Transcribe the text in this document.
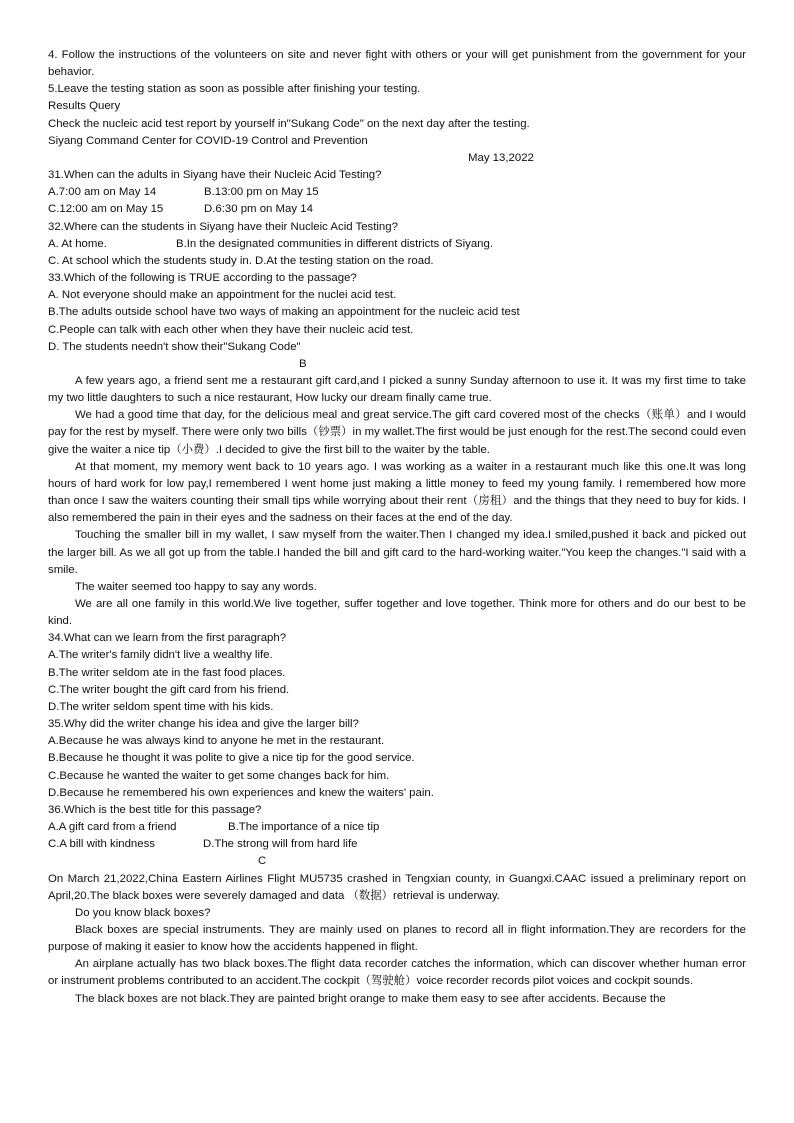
4. Follow the instructions of the volunteers on site and never fight with others or your will get punishment from the government for your behavior.

5.Leave the testing station as soon as possible after finishing your testing.

Results Query

Check the nucleic acid test report by yourself in"Sukang Code" on the next day after the testing.

Siyang Command Center for COVID-19 Control and Prevention

May 13,2022

31.When can the adults in Siyang have their Nucleic Acid Testing?

A.7:00 am on May 14	B.13:00 pm on May 15

C.12:00 am on May 15	D.6:30 pm on May 14

32.Where can the students in Siyang have their Nucleic Acid Testing?

A. At home.	B.In the designated communities in different districts of Siyang.

C. At school which the students study in. D.At the testing station on the road.

33.Which of the following is TRUE according to the passage?

A. Not everyone should make an appointment for the nuclei acid test.

B.The adults outside school have two ways of making an appointment for the nucleic acid test

C.People can talk with each other when they have their nucleic acid test.

D. The students needn't show their"Sukang Code"

B

A few years ago, a friend sent me a restaurant gift card,and I picked a sunny Sunday afternoon to use it. It was my first time to take my two little daughters to such a nice restaurant, How lucky our dream finally came true.

We had a good time that day, for the delicious meal and great service.The gift card covered most of the checks（账单）and I would pay for the rest by myself. There were only two bills（钞票）in my wallet.The first would be just enough for the rest.The second could even give the waiter a nice tip（小费）.I decided to give the first bill to the waiter by the table.

At that moment, my memory went back to 10 years ago. I was working as a waiter in a restaurant much like this one.It was long hours of hard work for low pay,I remembered I went home just making a little money to feed my young family. I remembered how more than once I saw the waiters counting their small tips while worrying about their rent（房租）and the things that they need to buy for kids. I also remembered the pain in their eyes and the sadness on their faces at the end of the day.

Touching the smaller bill in my wallet, I saw myself from the waiter.Then I changed my idea.I smiled,pushed it back and picked out the larger bill. As we all got up from the table.I handed the bill and gift card to the hard-working waiter."You keep the changes."I said with a smile.

The waiter seemed too happy to say any words.

We are all one family in this world.We live together, suffer together and love together. Think more for others and do our best to be kind.

34.What can we learn from the first paragraph?

A.The writer's family didn't live a wealthy life.

B.The writer seldom ate in the fast food places.

C.The writer bought the gift card from his friend.

D.The writer seldom spent time with his kids.

35.Why did the writer change his idea and give the larger bill?

A.Because he was always kind to anyone he met in the restaurant.

B.Because he thought it was polite to give a nice tip for the good service.

C.Because he wanted the waiter to get some changes back for him.

D.Because he remembered his own experiences and knew the waiters' pain.

36.Which is the best title for this passage?

A.A gift card from a friend	B.The importance of a nice tip

C.A bill with kindness	D.The strong will from hard life

C

On March 21,2022,China Eastern Airlines Flight MU5735 crashed in Tengxian county, in Guangxi.CAAC issued a preliminary report on April,20.The black boxes were severely damaged and data （数据）retrieval is underway.

Do you know black boxes?

Black boxes are special instruments. They are mainly used on planes to record all in flight information.They are recorders for the purpose of making it easier to know how the accidents happened in flight.

An airplane actually has two black boxes.The flight data recorder catches the information, which can discover whether human error or instrument problems contributed to an accident.The cockpit（驾驶舱）voice recorder records pilot voices and cockpit sounds.

The black boxes are not black.They are painted bright orange to make them easy to see after accidents. Because the
